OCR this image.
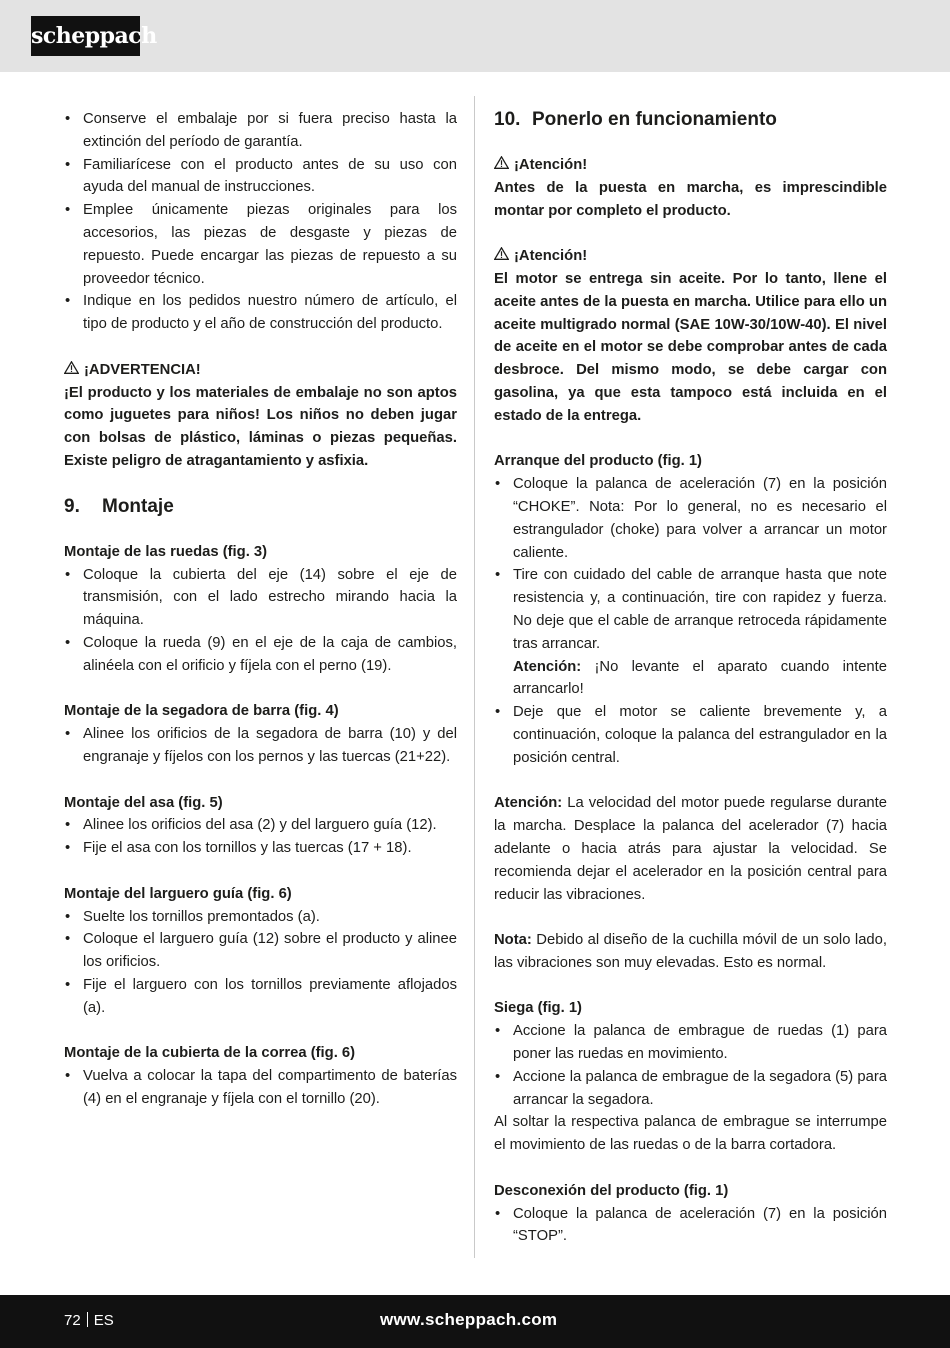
scheppach
• Conserve el embalaje por si fuera preciso hasta la extinción del período de garantía.
• Familiarícese con el producto antes de su uso con ayuda del manual de instrucciones.
• Emplee únicamente piezas originales para los accesorios, las piezas de desgaste y piezas de repuesto. Puede encargar las piezas de repuesto a su proveedor técnico.
• Indique en los pedidos nuestro número de artículo, el tipo de producto y el año de construcción del producto.
¡ADVERTENCIA!
¡El producto y los materiales de embalaje no son aptos como juguetes para niños! Los niños no deben jugar con bolsas de plástico, láminas o piezas pequeñas. Existe peligro de atragantamiento y asfixia.
9. Montaje
Montaje de las ruedas (fig. 3)
• Coloque la cubierta del eje (14) sobre el eje de transmisión, con el lado estrecho mirando hacia la máquina.
• Coloque la rueda (9) en el eje de la caja de cambios, alinéela con el orificio y fíjela con el perno (19).
Montaje de la segadora de barra (fig. 4)
• Alinee los orificios de la segadora de barra (10) y del engranaje y fíjelos con los pernos y las tuercas (21+22).
Montaje del asa (fig. 5)
• Alinee los orificios del asa (2) y del larguero guía (12).
• Fije el asa con los tornillos y las tuercas (17 + 18).
Montaje del larguero guía (fig. 6)
• Suelte los tornillos premontados (a).
• Coloque el larguero guía (12) sobre el producto y alinee los orificios.
• Fije el larguero con los tornillos previamente aflojados (a).
Montaje de la cubierta de la correa (fig. 6)
• Vuelva a colocar la tapa del compartimento de baterías (4) en el engranaje y fíjela con el tornillo (20).
10. Ponerlo en funcionamiento
¡Atención!
Antes de la puesta en marcha, es imprescindible montar por completo el producto.
¡Atención!
El motor se entrega sin aceite. Por lo tanto, llene el aceite antes de la puesta en marcha. Utilice para ello un aceite multigrado normal (SAE 10W-30/10W-40). El nivel de aceite en el motor se debe comprobar antes de cada desbroce. Del mismo modo, se debe cargar con gasolina, ya que esta tampoco está incluida en el estado de la entrega.
Arranque del producto (fig. 1)
• Coloque la palanca de aceleración (7) en la posición “CHOKE”. Nota: Por lo general, no es necesario el estrangulador (choke) para volver a arrancar un motor caliente.
• Tire con cuidado del cable de arranque hasta que note resistencia y, a continuación, tire con rapidez y fuerza. No deje que el cable de arranque retroceda rápidamente tras arrancar.
Atención: ¡No levante el aparato cuando intente arrancarlo!
• Deje que el motor se caliente brevemente y, a continuación, coloque la palanca del estrangulador en la posición central.
Atención: La velocidad del motor puede regularse durante la marcha. Desplace la palanca del acelerador (7) hacia adelante o hacia atrás para ajustar la velocidad. Se recomienda dejar el acelerador en la posición central para reducir las vibraciones.
Nota: Debido al diseño de la cuchilla móvil de un solo lado, las vibraciones son muy elevadas. Esto es normal.
Siega (fig. 1)
• Accione la palanca de embrague de ruedas (1) para poner las ruedas en movimiento.
• Accione la palanca de embrague de la segadora (5) para arrancar la segadora.
Al soltar la respectiva palanca de embrague se interrumpe el movimiento de las ruedas o de la barra cortadora.
Desconexión del producto (fig. 1)
• Coloque la palanca de aceleración (7) en la posición “STOP”.
72 ES	www.scheppach.com
